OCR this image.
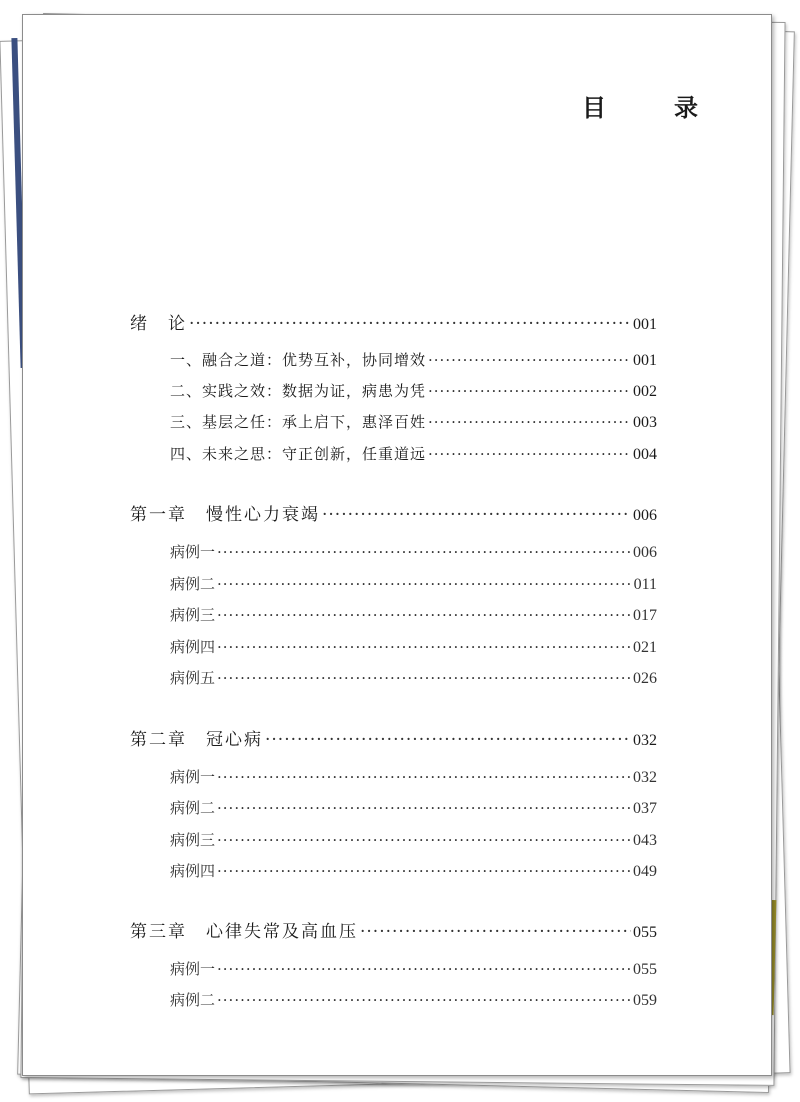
目　录
绪　论 ·····	001
一、融合之道：优势互补，协同增效 ·····	001
二、实践之效：数据为证，病患为凭 ·····	002
三、基层之任：承上启下，惠泽百姓 ·····	003
四、未来之思：守正创新，任重道远 ·····	004
第一章　慢性心力衰竭 ·····	006
病例一 ·····	006
病例二 ·····	011
病例三 ·····	017
病例四 ·····	021
病例五 ·····	026
第二章　冠心病 ·····	032
病例一 ·····	032
病例二 ·····	037
病例三 ·····	043
病例四 ·····	049
第三章　心律失常及高血压 ·····	055
病例一 ·····	055
病例二 ·····	059
